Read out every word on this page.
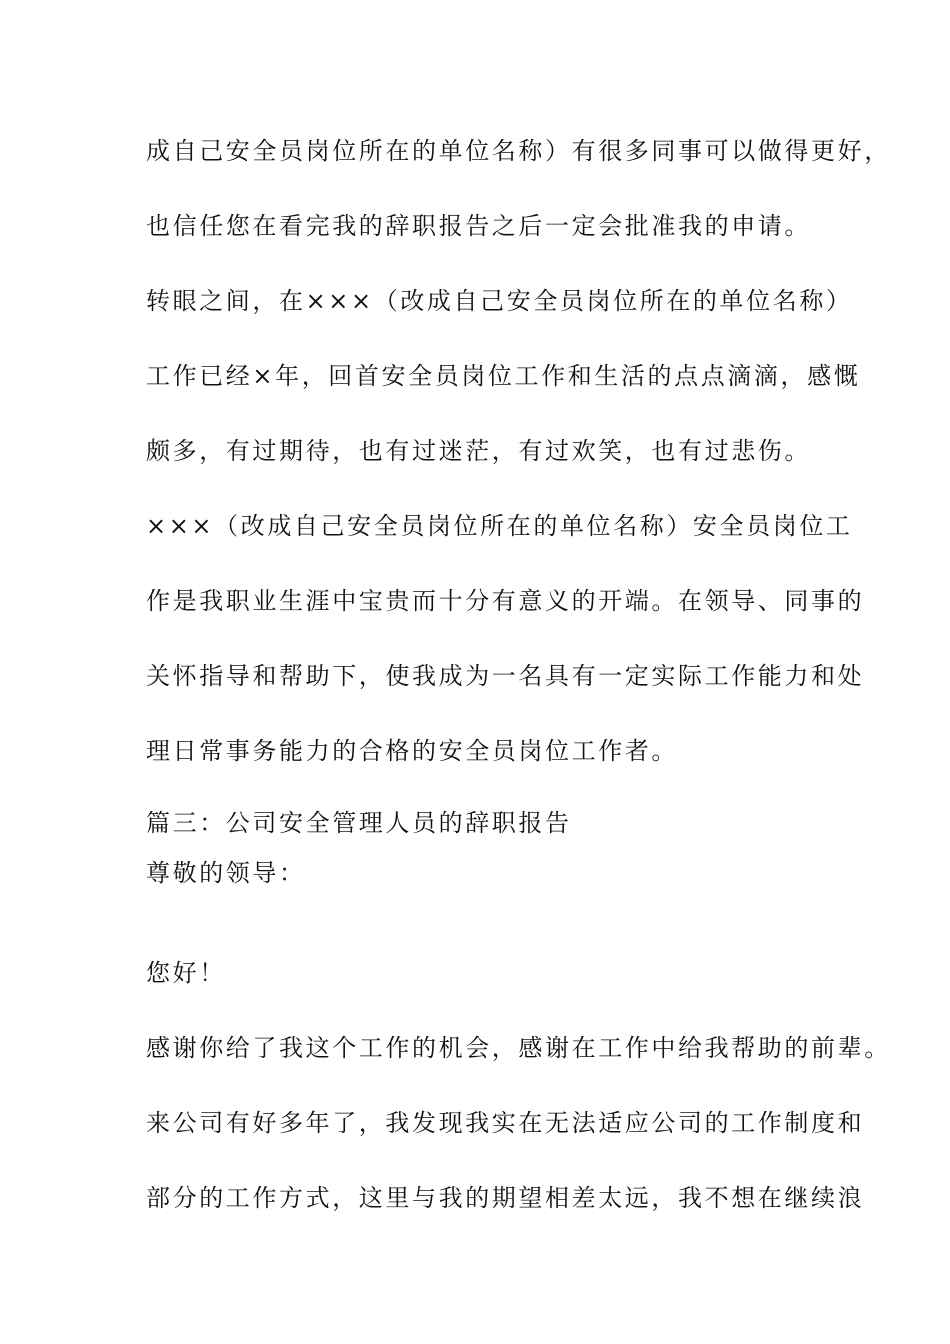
成自己安全员岗位所在的单位名称）有很多同事可以做得更好，
也信任您在看完我的辞职报告之后一定会批准我的申请。
转眼之间，在×××（改成自己安全员岗位所在的单位名称）
工作已经×年，回首安全员岗位工作和生活的点点滴滴，感慨
颇多，有过期待，也有过迷茫，有过欢笑，也有过悲伤。
×××（改成自己安全员岗位所在的单位名称）安全员岗位工
作是我职业生涯中宝贵而十分有意义的开端。在领导、同事的
关怀指导和帮助下，使我成为一名具有一定实际工作能力和处
理日常事务能力的合格的安全员岗位工作者。
篇三：公司安全管理人员的辞职报告
尊敬的领导：
您好！
感谢你给了我这个工作的机会，感谢在工作中给我帮助的前辈。
来公司有好多年了，我发现我实在无法适应公司的工作制度和
部分的工作方式，这里与我的期望相差太远，我不想在继续浪
